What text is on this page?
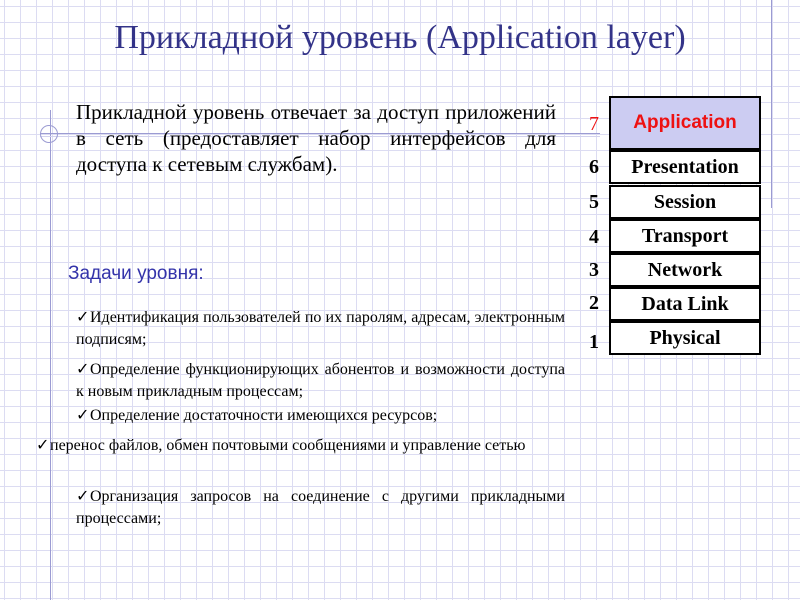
Прикладной уровень (Application layer)
Прикладной уровень отвечает за доступ приложений в сеть (предоставляет набор интерфейсов для доступа к сетевым службам).
Задачи уровня:
✓Идентификация пользователей по их паролям, адресам, электронным подписям;
✓Определение функционирующих абонентов и возможности доступа к новым прикладным процессам;
✓Определение достаточности имеющихся ресурсов;
✓перенос файлов, обмен почтовыми сообщениями и управление сетью
✓Организация запросов на соединение с другими прикладными процессами;
7	Application
6	Presentation
5	Session
4	Transport
3	Network
2	Data Link
1	Physical
